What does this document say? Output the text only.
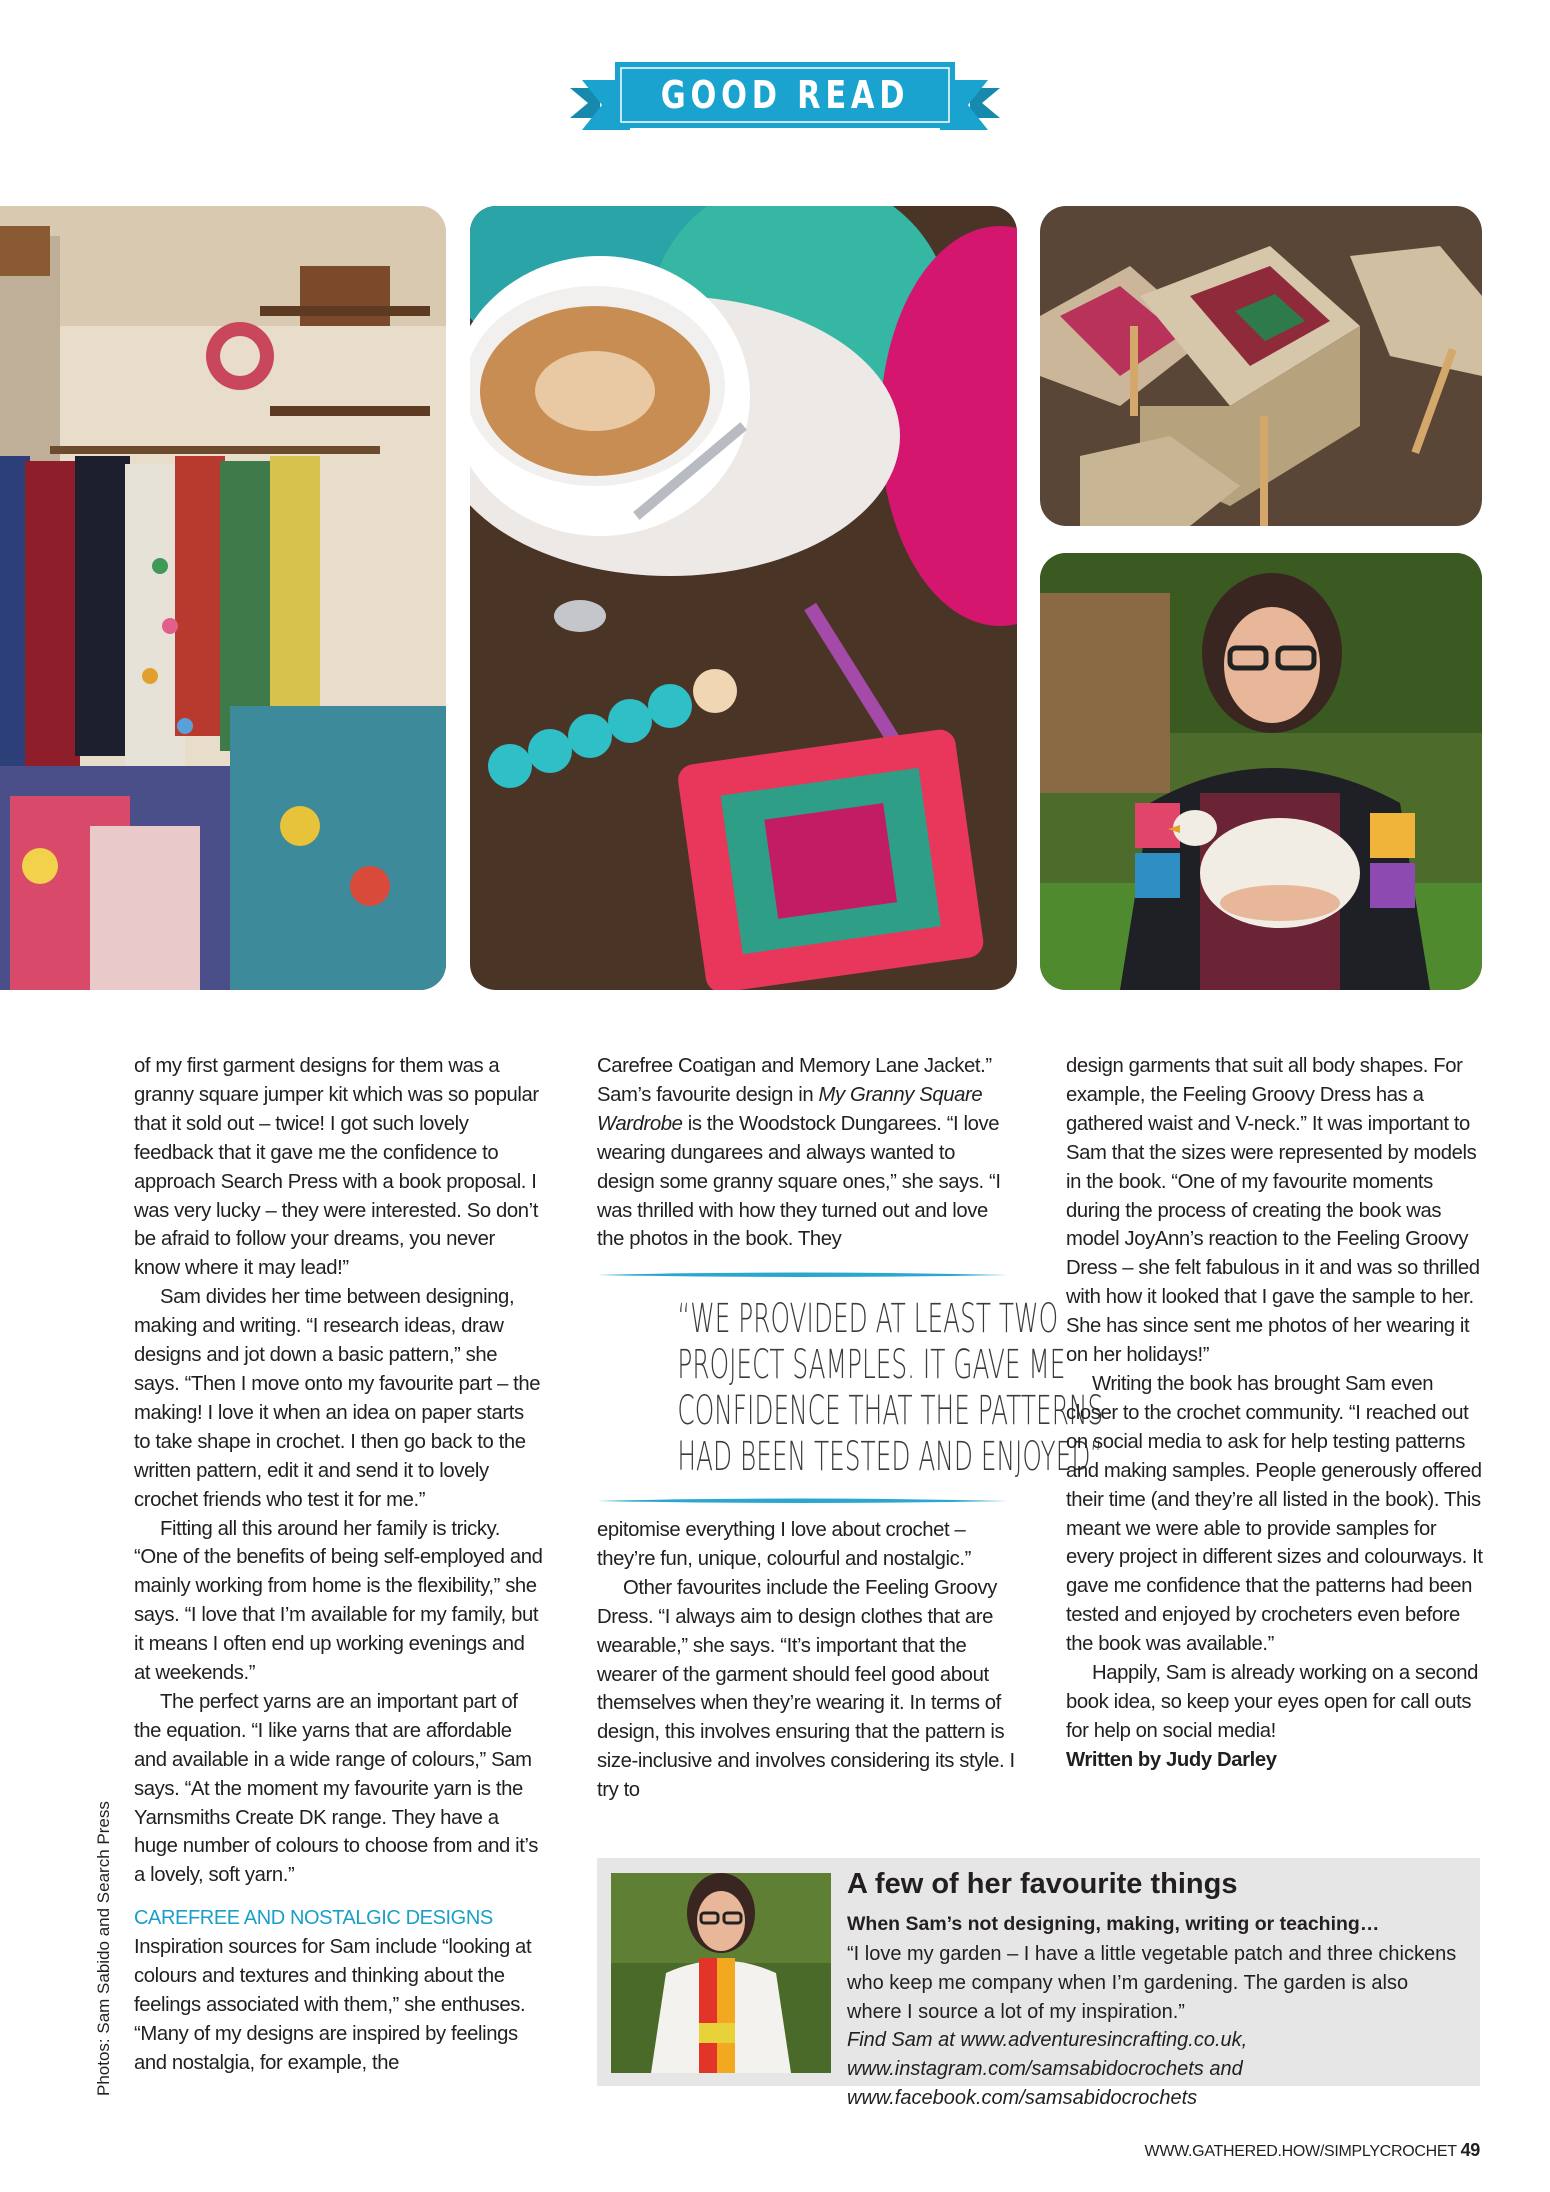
GOOD READ

of my first garment designs for them was a granny square jumper kit which was so popular that it sold out – twice! I got such lovely feedback that it gave me the confidence to approach Search Press with a book proposal. I was very lucky – they were interested. So don’t be afraid to follow your dreams, you never know where it may lead!”

Sam divides her time between designing, making and writing. “I research ideas, draw designs and jot down a basic pattern,” she says. “Then I move onto my favourite part – the making! I love it when an idea on paper starts to take shape in crochet. I then go back to the written pattern, edit it and send it to lovely crochet friends who test it for me.”

Fitting all this around her family is tricky. “One of the benefits of being self-employed and mainly working from home is the flexibility,” she says. “I love that I’m available for my family, but it means I often end up working evenings and at weekends.”

The perfect yarns are an important part of the equation. “I like yarns that are affordable and available in a wide range of colours,” Sam says. “At the moment my favourite yarn is the Yarnsmiths Create DK range. They have a huge number of colours to choose from and it’s a lovely, soft yarn.”

CAREFREE AND NOSTALGIC DESIGNS

Inspiration sources for Sam include “looking at colours and textures and thinking about the feelings associated with them,” she enthuses. “Many of my designs are inspired by feelings and nostalgia, for example, the

Carefree Coatigan and Memory Lane Jacket.” Sam’s favourite design in My Granny Square Wardrobe is the Woodstock Dungarees. “I love wearing dungarees and always wanted to design some granny square ones,” she says. “I was thrilled with how they turned out and love the photos in the book. They

“WE PROVIDED AT LEAST TWO
PROJECT SAMPLES. IT GAVE ME
CONFIDENCE THAT THE PATTERNS
HAD BEEN TESTED AND ENJOYED”

epitomise everything I love about crochet – they’re fun, unique, colourful and nostalgic.”

Other favourites include the Feeling Groovy Dress. “I always aim to design clothes that are wearable,” she says. “It’s important that the wearer of the garment should feel good about themselves when they’re wearing it. In terms of design, this involves ensuring that the pattern is size-inclusive and involves considering its style. I try to

design garments that suit all body shapes. For example, the Feeling Groovy Dress has a gathered waist and V-neck.” It was important to Sam that the sizes were represented by models in the book. “One of my favourite moments during the process of creating the book was model JoyAnn’s reaction to the Feeling Groovy Dress – she felt fabulous in it and was so thrilled with how it looked that I gave the sample to her. She has since sent me photos of her wearing it on her holidays!”

Writing the book has brought Sam even closer to the crochet community. “I reached out on social media to ask for help testing patterns and making samples. People generously offered their time (and they’re all listed in the book). This meant we were able to provide samples for every project in different sizes and colourways. It gave me confidence that the patterns had been tested and enjoyed by crocheters even before the book was available.”

Happily, Sam is already working on a second book idea, so keep your eyes open for call outs for help on social media!

Written by Judy Darley

Photos: Sam Sabido and Search Press	A few of her favourite things
When Sam’s not designing, making, writing or teaching…
“I love my garden – I have a little vegetable patch and three chickens who keep me company when I’m gardening. The garden is also where I source a lot of my inspiration.”
Find Sam at www.adventuresincrafting.co.uk, www.instagram.com/samsabidocrochets and www.facebook.com/samsabidocrochets
WWW.GATHERED.HOW/SIMPLYCROCHET 49
